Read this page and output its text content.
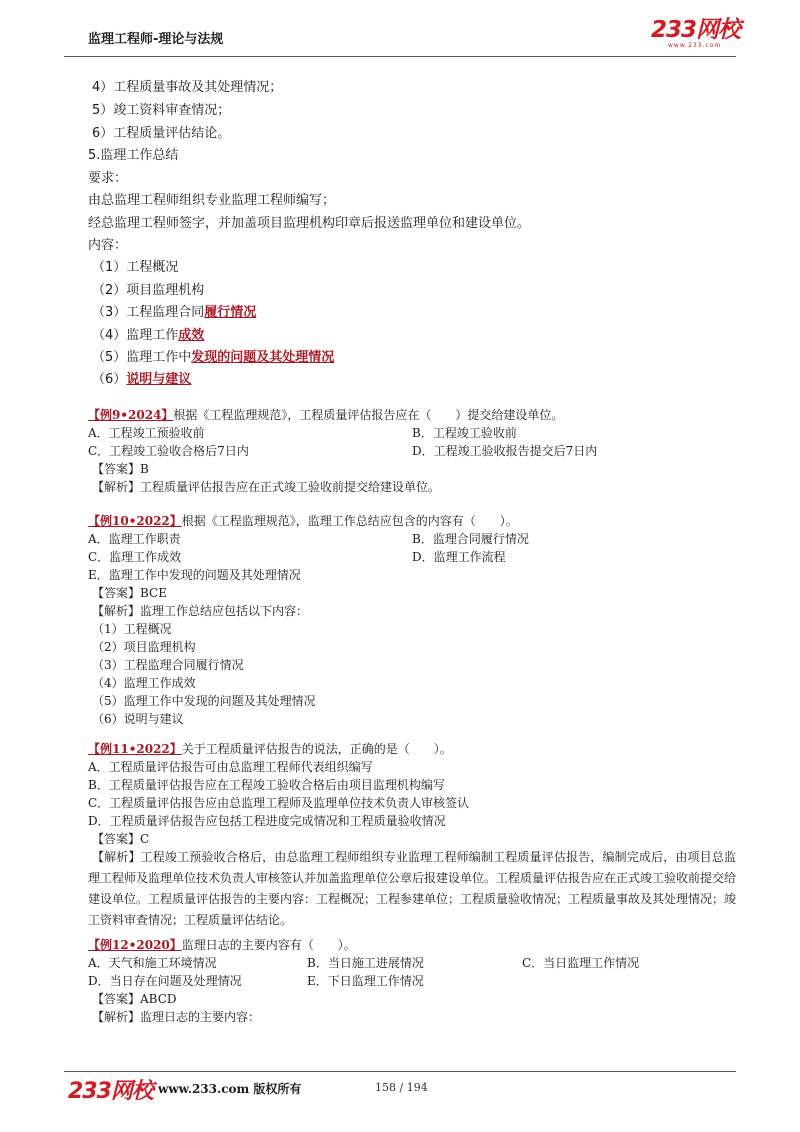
监理工程师-理论与法规	233网校
www.233.com
4）工程质量事故及其处理情况；
5）竣工资料审查情况；
6）工程质量评估结论。
5.监理工作总结
要求：
由总监理工程师组织专业监理工程师编写；
经总监理工程师签字，并加盖项目监理机构印章后报送监理单位和建设单位。
内容：
（1）工程概况
（2）项目监理机构
（3）工程监理合同履行情况
（4）监理工作成效
（5）监理工作中发现的问题及其处理情况
（6）说明与建议
【例9•2024】根据《工程监理规范》，工程质量评估报告应在（　　）提交给建设单位。
A．工程竣工预验收前	B．工程竣工验收前
C．工程竣工验收合格后7日内	D．工程竣工验收报告提交后7日内
【答案】B
【解析】工程质量评估报告应在正式竣工验收前提交给建设单位。
【例10•2022】根据《工程监理规范》，监理工作总结应包含的内容有（　　）。
A．监理工作职责	B．监理合同履行情况
C．监理工作成效	D．监理工作流程
E．监理工作中发现的问题及其处理情况
【答案】BCE
【解析】监理工作总结应包括以下内容：
（1）工程概况
（2）项目监理机构
（3）工程监理合同履行情况
（4）监理工作成效
（5）监理工作中发现的问题及其处理情况
（6）说明与建议
【例11•2022】关于工程质量评估报告的说法，正确的是（　　）。
A．工程质量评估报告可由总监理工程师代表组织编写
B．工程质量评估报告应在工程竣工验收合格后由项目监理机构编写
C．工程质量评估报告应由总监理工程师及监理单位技术负责人审核签认
D．工程质量评估报告应包括工程进度完成情况和工程质量验收情况
【答案】C
【解析】工程竣工预验收合格后，由总监理工程师组织专业监理工程师编制工程质量评估报告，编制完成后，由项目总监理工程师及监理单位技术负责人审核签认并加盖监理单位公章后报建设单位。工程质量评估报告应在正式竣工验收前提交给建设单位。工程质量评估报告的主要内容：工程概况；工程参建单位；工程质量验收情况；工程质量事故及其处理情况；竣工资料审查情况；工程质量评估结论。
【例12•2020】监理日志的主要内容有（　　）。
A．天气和施工环境情况	B．当日施工进展情况	C．当日监理工作情况
D．当日存在问题及处理情况	E．下日监理工作情况
【答案】ABCD
【解析】监理日志的主要内容：
233网校 www.233.com 版权所有	158 / 194
